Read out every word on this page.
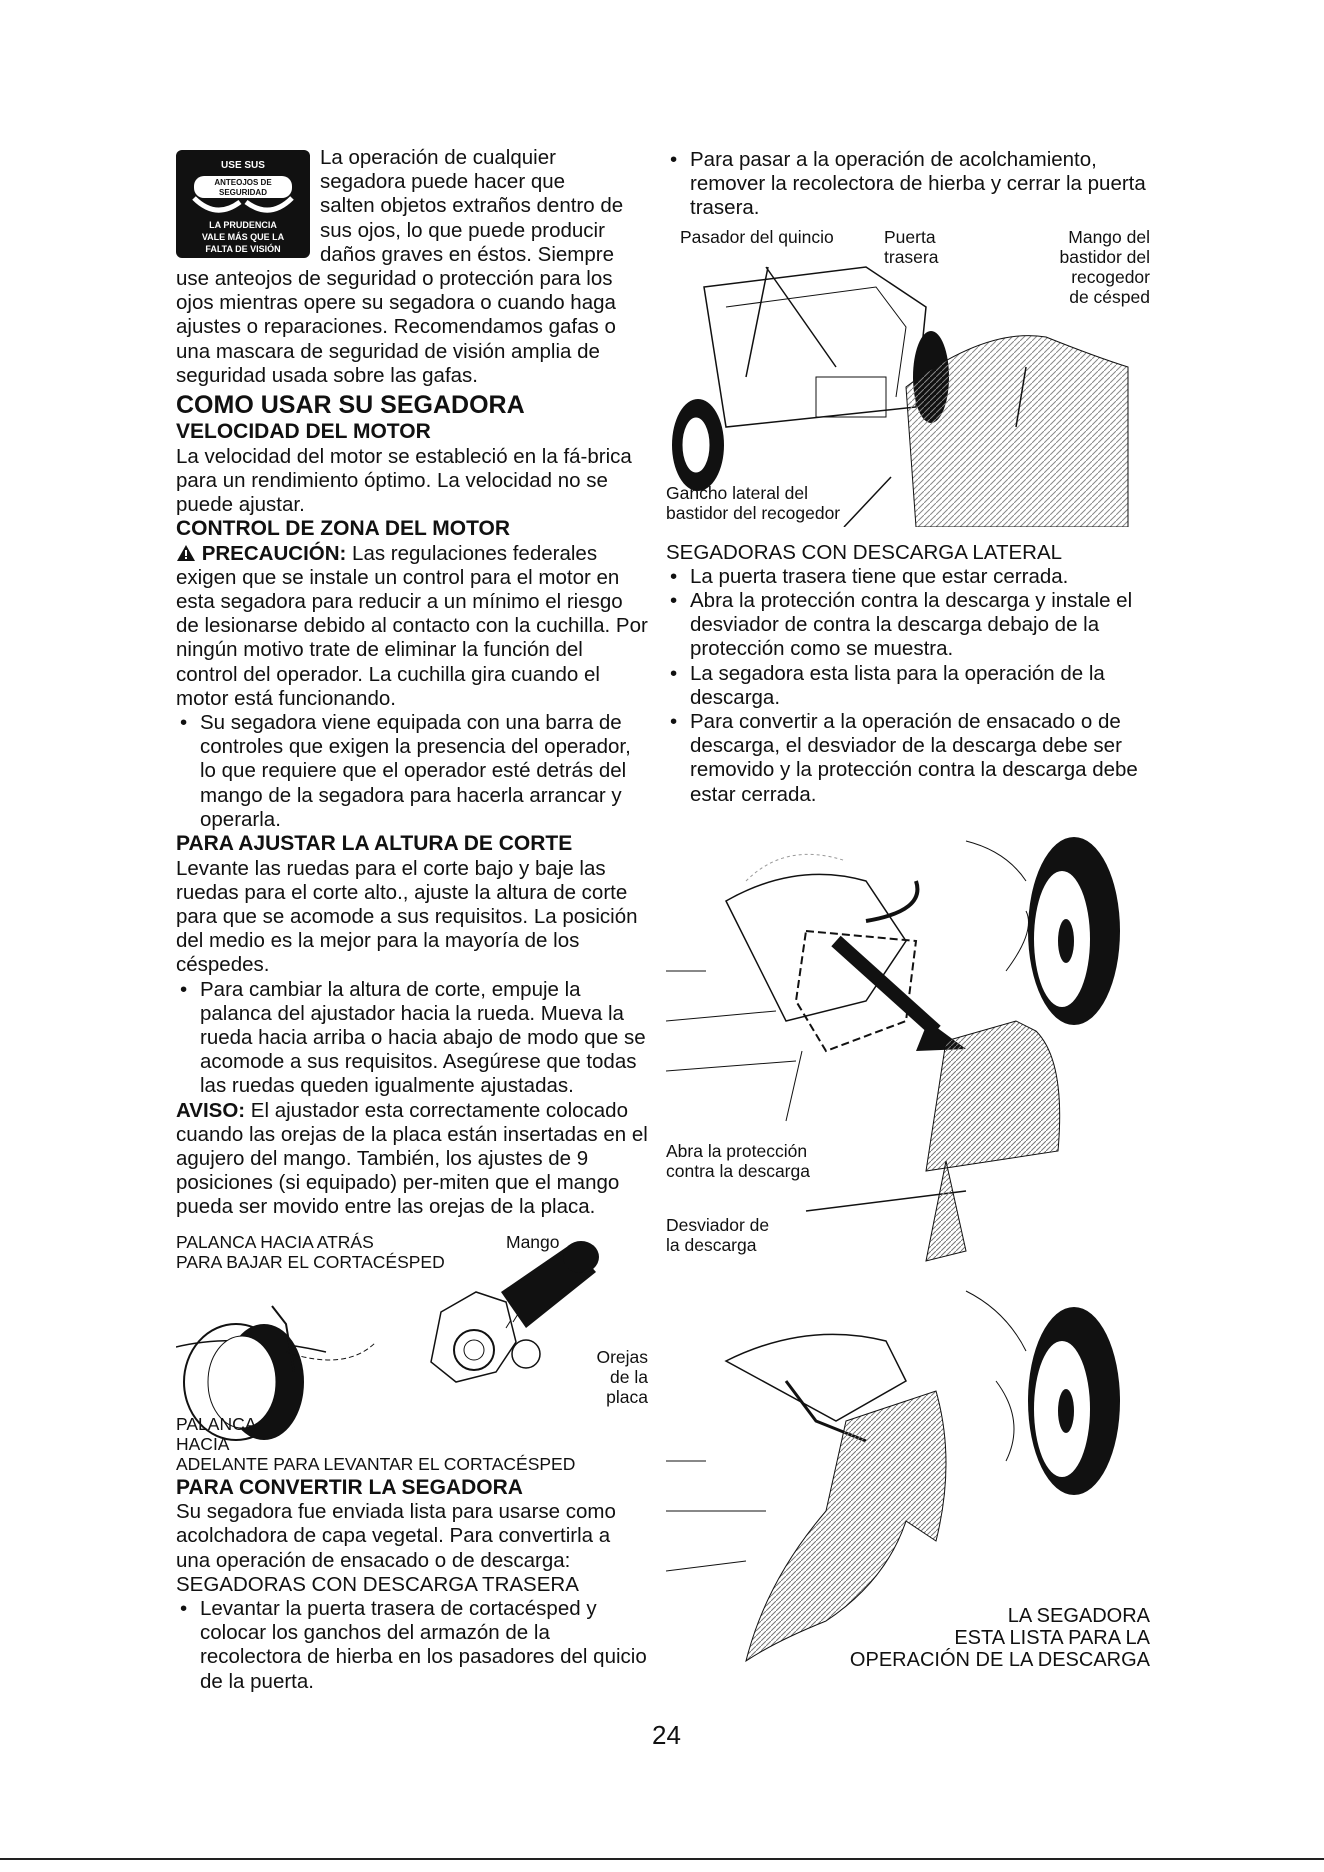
USE SUS
ANTEOJOS DE
SEGURIDAD
LA PRUDENCIA
VALE MÁS QUE LA
FALTA DE VISIÓN

La operación de cualquier
segadora puede hacer que
salten objetos extraños dentro de
sus ojos, lo que puede producir
daños graves en éstos. Siempre use anteojos de seguridad o protección para los ojos mientras opere su segadora o cuando haga ajustes o reparaciones. Recomendamos gafas o una mascara de seguridad de visión amplia de seguridad usada sobre las gafas.

COMO USAR SU SEGADORA
VELOCIDAD DEL MOTOR

La velocidad del motor se estableció en la fá-brica para un rendimiento óptimo. La velocidad no se puede ajustar.

CONTROL DE ZONA DEL MOTOR

PRECAUCIÓN: Las regulaciones federales exigen que se instale un control para el motor en esta segadora para reducir a un mínimo el riesgo de lesionarse debido al contacto con la cuchilla. Por ningún motivo trate de eliminar la función del control del operador. La cuchilla gira cuando el motor está funcionando.

• Su segadora viene equipada con una barra de controles que exigen la presencia del operador, lo que requiere que el operador esté detrás del mango de la segadora para hacerla arrancar y operarla.

PARA AJUSTAR LA ALTURA DE CORTE

Levante las ruedas para el corte bajo y baje las ruedas para el corte alto., ajuste la altura de corte para que se acomode a sus requisitos. La posición del medio es la mejor para la mayoría de los céspedes.

• Para cambiar la altura de corte, empuje la palanca del ajustador hacia la rueda. Mueva la rueda hacia arriba o hacia abajo de modo que se acomode a sus requisitos. Asegúrese que todas las ruedas queden igualmente ajustadas.

AVISO: El ajustador esta correctamente colocado cuando las orejas de la placa están insertadas en el agujero del mango. También, los ajustes de 9 posiciones (si equipado) per-miten que el mango pueda ser movido entre las orejas de la placa.

PALANCA HACIA ATRÁS
PARA BAJAR EL CORTACÉSPED
Mango
Orejas
de la
placa
PALANCA
HACIA
ADELANTE PARA LEVANTAR EL CORTACÉSPED
PARA CONVERTIR LA SEGADORA

Su segadora fue enviada lista para usarse como acolchadora de capa vegetal. Para convertirla a una operación de ensacado o de descarga:

SEGADORAS CON DESCARGA TRASERA

• Levantar la puerta trasera de cortacésped y colocar los ganchos del armazón de la recolectora de hierba en los pasadores del quicio de la puerta.

• Para pasar a la operación de acolchamiento, remover la recolectora de hierba y cerrar la puerta trasera.

Pasador del quincio	Puerta
trasera
Mango del
bastidor del
recogedor
de césped
Gancho lateral del
bastidor del recogedor

SEGADORAS CON DESCARGA LATERAL

• La puerta trasera tiene que estar cerrada.

• Abra la protección contra la descarga y instale el desviador de contra la descarga debajo de la protección como se muestra.

• La segadora esta lista para la operación de la descarga.

• Para convertir a la operación de ensacado o de descarga, el desviador de la descarga debe ser removido y la protección contra la descarga debe estar cerrada.

Abra la protección
contra la descarga
Desviador de
la descarga
LA SEGADORA
ESTA LISTA PARA LA
OPERACIÓN DE LA DESCARGA
24
